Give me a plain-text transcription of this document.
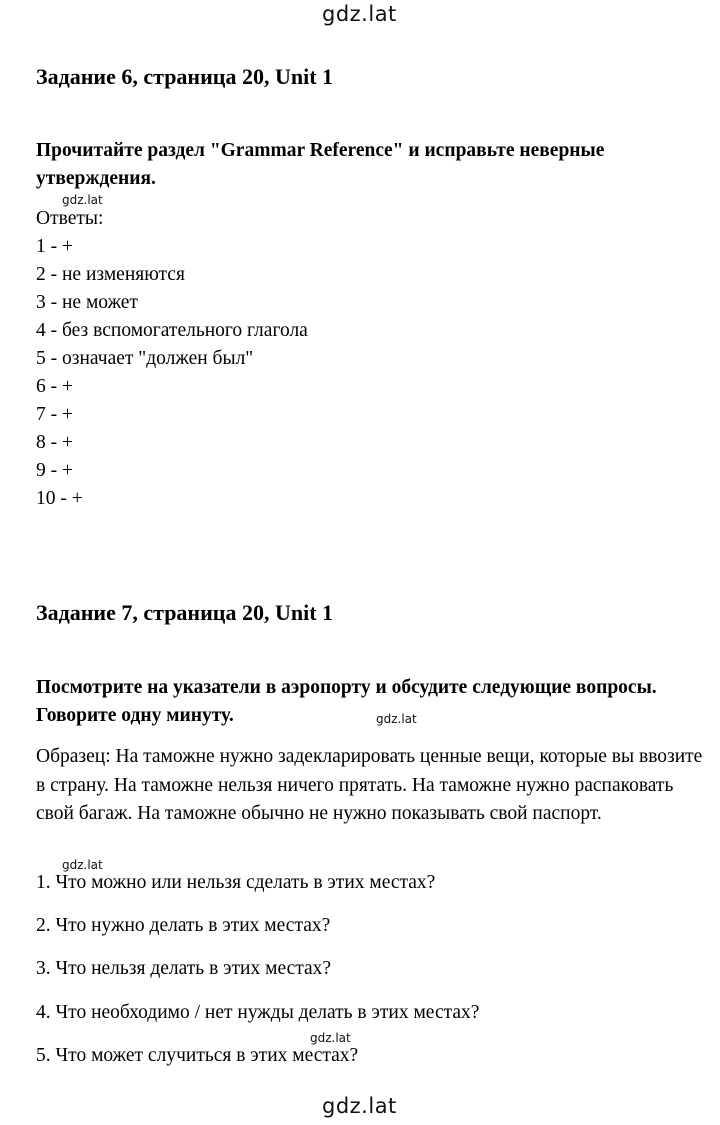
gdz.lat
Задание 6, страница 20, Unit 1
Прочитайте раздел "Grammar Reference" и исправьте неверные утверждения.
gdz.lat
Ответы:
1 - +
2 - не изменяются
3 - не может
4 - без вспомогательного глагола
5 - означает "должен был"
6 - +
7 - +
8 - +
9 - +
10 - +
Задание 7, страница 20, Unit 1
Посмотрите на указатели в аэропорту и обсудите следующие вопросы. Говорите одну минуту.	gdz.lat
Образец: На таможне нужно задекларировать ценные вещи, которые вы ввозите в страну. На таможне нельзя ничего прятать. На таможне нужно распаковать свой багаж. На таможне обычно не нужно показывать свой паспорт.
gdz.lat
1. Что можно или нельзя сделать в этих местах?
2. Что нужно делать в этих местах?
3. Что нельзя делать в этих местах?
4. Что необходимо / нет нужды делать в этих местах?
gdz.lat
5. Что может случиться в этих местах?
gdz.lat
